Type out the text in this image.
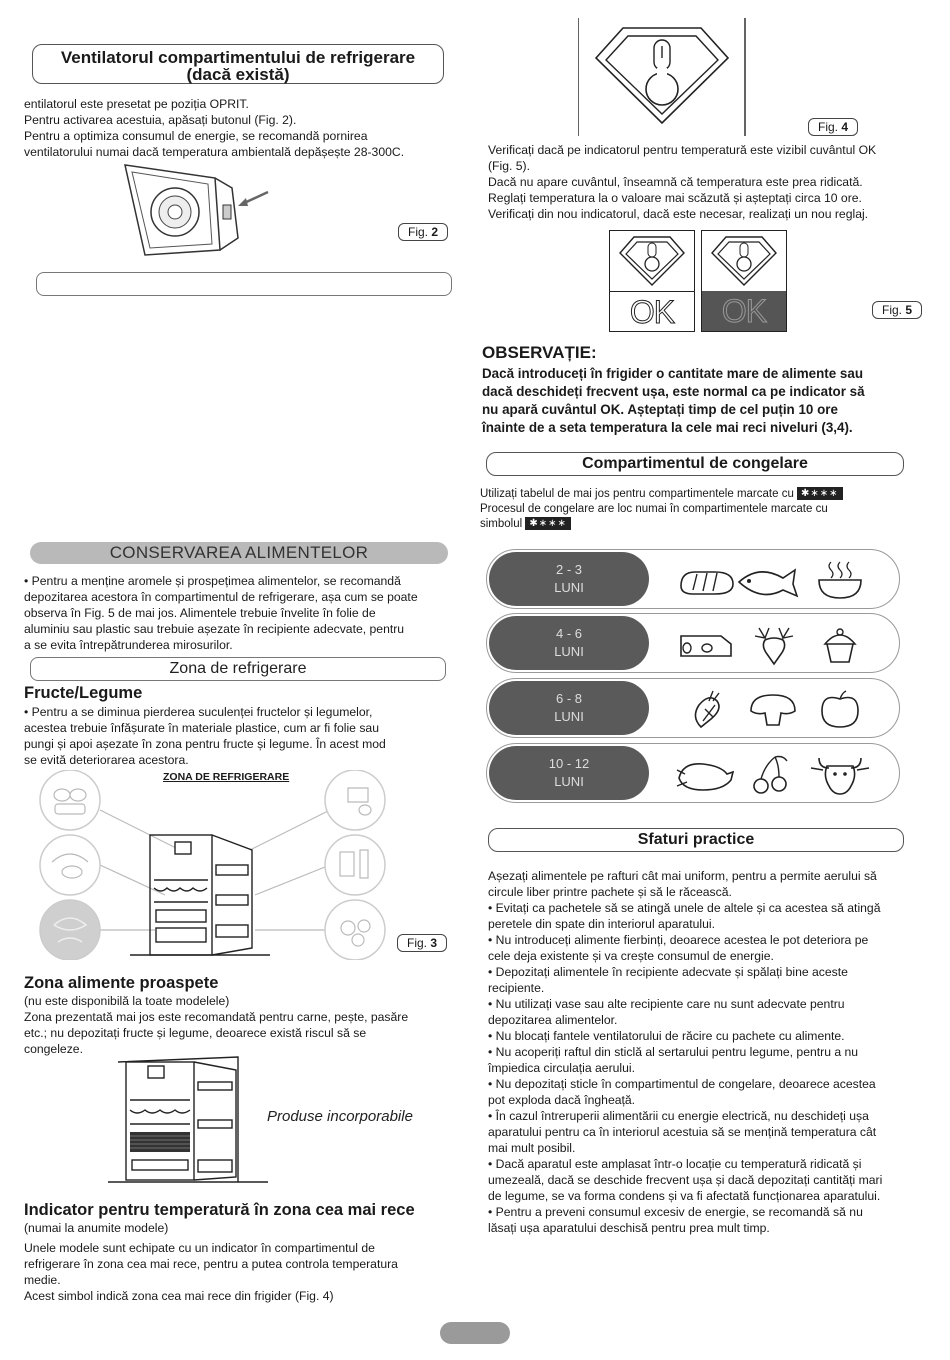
Ventilatorul compartimentului de refrigerare
(dacă există)

entilatorul este presetat pe poziția OPRIT.

Pentru activarea acestuia, apăsați butonul (Fig. 2).

Pentru a optimiza consumul de energie, se recomandă pornirea

ventilatorului numai dacă temperatura ambientală depășește 28-300C.

Fig. 2
CONSERVAREA ALIMENTELOR

• Pentru a menține aromele și prospețimea alimentelor, se recomandă

depozitarea acestora în compartimentul de refrigerare, așa cum se poate

observa în Fig. 5 de mai jos. Alimentele trebuie învelite în folie de

aluminiu sau plastic sau trebuie așezate în recipiente adecvate, pentru

a se evita întrepătrunderea mirosurilor.

Zona de refrigerare
Fructe/Legume

• Pentru a se diminua pierderea suculenței fructelor și legumelor,

acestea trebuie înfășurate în materiale plastice, cum ar fi folie sau

pungi și apoi așezate în zona pentru fructe și legume. În acest mod

se evită deteriorarea acestora.

ZONA DE REFRIGERARE
Fig. 3
Zona alimente proaspete

(nu este disponibilă la toate modelele)

Zona prezentată mai jos este recomandată pentru carne, pește, pasăre

etc.; nu depozitați fructe și legume, deoarece există riscul să se

congeleze.

Produse incorporabile
Indicator pentru temperatură în zona cea mai rece

(numai la anumite modele)

Unele modele sunt echipate cu un indicator în compartimentul de

refrigerare în zona cea mai rece, pentru a putea controla temperatura

medie.

Acest simbol indică zona cea mai rece din frigider (Fig. 4)

Fig. 4

Verificați dacă pe indicatorul pentru temperatură este vizibil cuvântul OK

(Fig. 5).

Dacă nu apare cuvântul, înseamnă că temperatura este prea ridicată.

Reglați temperatura la o valoare mai scăzută și așteptați circa 10 ore.

Verificați din nou indicatorul, dacă este necesar, realizați un nou reglaj.

OK	OK	Fig. 5
OBSERVAȚIE:
Dacă introduceți în frigider o cantitate mare de alimente sau
dacă deschideți frecvent ușa, este normal ca pe indicator să
nu apară cuvântul OK. Așteptați timp de cel puțin 10 ore
înainte de a seta temperatura la cele mai reci niveluri (3,4).
Compartimentul de congelare
Utilizați tabelul de mai jos pentru compartimentele marcate cu ✱∗∗∗
Procesul de congelare are loc numai în compartimentele marcate cu
simbolul ✱∗∗∗
2 - 3
LUNI
4 - 6
LUNI
6 - 8
LUNI
10 - 12
LUNI
Sfaturi practice

Așezați alimentele pe rafturi cât mai uniform, pentru a permite aerului să

circule liber printre pachete și să le răcească.

• Evitați ca pachetele să se atingă unele de altele și ca acestea să atingă

peretele din spate din interiorul aparatului.

• Nu introduceți alimente fierbinți, deoarece acestea le pot deteriora pe

cele deja existente și va crește consumul de energie.

• Depozitați alimentele în recipiente adecvate și spălați bine aceste

recipiente.

• Nu utilizați vase sau alte recipiente care nu sunt adecvate pentru

depozitarea alimentelor.

• Nu blocați fantele ventilatorului de răcire cu pachete cu alimente.

• Nu acoperiți raftul din sticlă al sertarului pentru legume, pentru a nu

împiedica circulația aerului.

• Nu depozitați sticle în compartimentul de congelare, deoarece acestea

pot exploda dacă îngheață.

• În cazul întreruperii alimentării cu energie electrică, nu deschideți ușa

aparatului pentru ca în interiorul acestuia să se mențină temperatura cât

mai mult posibil.

• Dacă aparatul este amplasat într-o locație cu temperatură ridicată și

umezeală, dacă se deschide frecvent ușa și dacă depozitați cantități mari

de legume, se va forma condens și va fi afectată funcționarea aparatului.

• Pentru a preveni consumul excesiv de energie, se recomandă să nu

lăsați ușa aparatului deschisă pentru prea mult timp.
